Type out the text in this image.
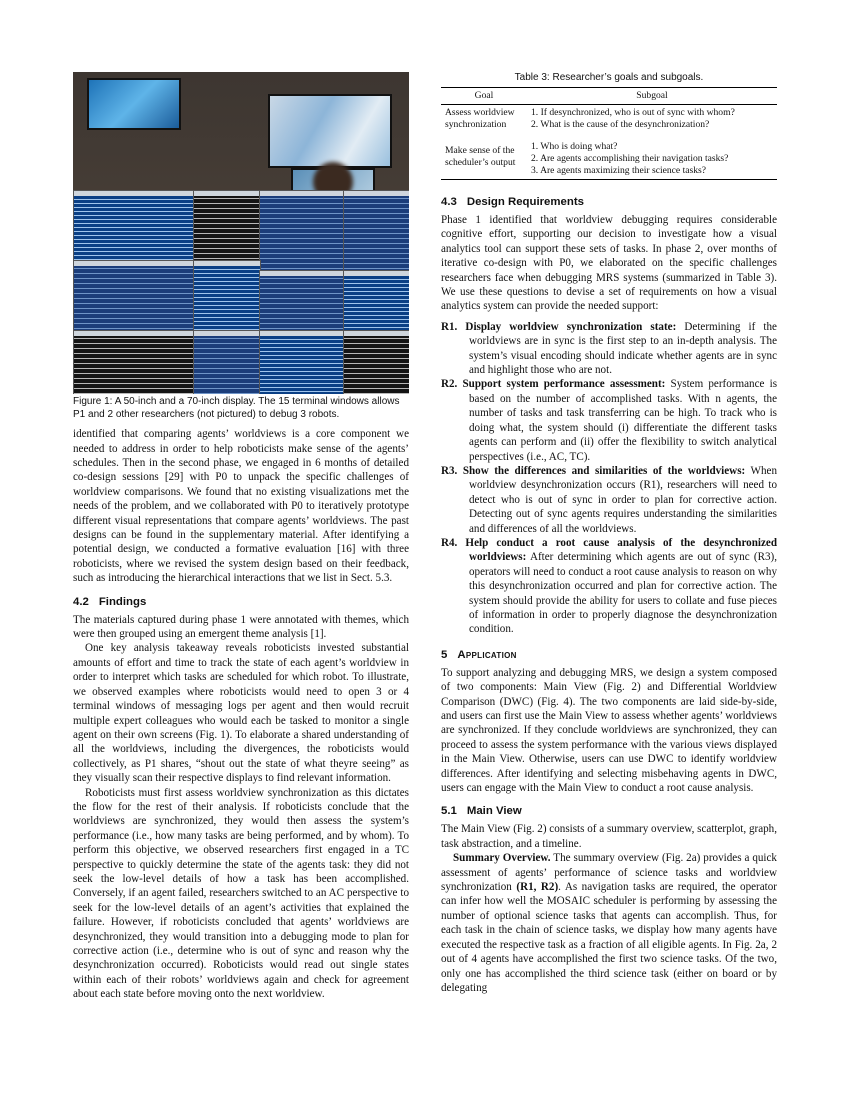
Figure 1: A 50-inch and a 70-inch display. The 15 terminal windows allows P1 and 2 other researchers (not pictured) to debug 3 robots.

identified that comparing agents’ worldviews is a core component we needed to address in order to help roboticists make sense of the agents’ schedules. Then in the second phase, we engaged in 6 months of detailed co-design sessions [29] with P0 to unpack the specific challenges of worldview comparisons. We found that no existing visualizations met the needs of the problem, and we collaborated with P0 to iteratively prototype different visual representations that compare agents’ worldviews. The past designs can be found in the supplementary material. After identifying a potential design, we conducted a formative evaluation [16] with three roboticists, where we revised the system design based on their feedback, such as introducing the hierarchical interactions that we list in Sect. 5.3.

4.2 Findings

The materials captured during phase 1 were annotated with themes, which were then grouped using an emergent theme analysis [1].

One key analysis takeaway reveals roboticists invested substantial amounts of effort and time to track the state of each agent’s worldview in order to interpret which tasks are scheduled for which robot. To illustrate, we observed examples where roboticists would need to open 3 or 4 terminal windows of messaging logs per agent and then would recruit multiple expert colleagues who would each be tasked to monitor a single agent on their own screens (Fig. 1). To elaborate a shared understanding of all the worldviews, including the divergences, the roboticists would collectively, as P1 shares, “shout out the state of what theyre seeing” as they visually scan their respective displays to find relevant information.

Roboticists must first assess worldview synchronization as this dictates the flow for the rest of their analysis. If roboticists conclude that the worldviews are synchronized, they would then assess the system’s performance (i.e., how many tasks are being performed, and by whom). To perform this objective, we observed researchers first engaged in a TC perspective to quickly determine the state of the agents task: they did not seek the low-level details of how a task has been accomplished. Conversely, if an agent failed, researchers switched to an AC perspective to seek for the low-level details of an agent’s activities that explained the failure. However, if roboticists concluded that agents’ worldviews are desynchronized, they would transition into a debugging mode to plan for corrective action (i.e., determine who is out of sync and reason why the desynchronization occurred). Roboticists would read out single states within each of their robots’ worldviews again and check for agreement about each state before moving onto the next worldview.

Table 3: Researcher’s goals and subgoals.
Goal	Subgoal
Assess worldview synchronization	1. If desynchronized, who is out of sync with whom?
2. What is the cause of the desynchronization?

Make sense of the scheduler’s output	1. Who is doing what?
2. Are agents accomplishing their navigation tasks?
3. Are agents maximizing their science tasks?
4.3 Design Requirements

Phase 1 identified that worldview debugging requires considerable cognitive effort, supporting our decision to investigate how a visual analytics tool can support these sets of tasks. In phase 2, over months of iterative co-design with P0, we elaborated on the specific challenges researchers face when debugging MRS systems (summarized in Table 3). We use these questions to devise a set of requirements on how a visual analytics system can provide the needed support:

R1. Display worldview synchronization state: Determining if the worldviews are in sync is the first step to an in-depth analysis. The system’s visual encoding should indicate whether agents are in sync and highlight those who are not.

R2. Support system performance assessment: System performance is based on the number of accomplished tasks. With n agents, the number of tasks and task transferring can be high. To track who is doing what, the system should (i) differentiate the different tasks agents can perform and (ii) offer the flexibility to switch analytical perspectives (i.e., AC, TC).

R3. Show the differences and similarities of the worldviews: When worldview desynchronization occurs (R1), researchers will need to detect who is out of sync in order to plan for corrective action. Detecting out of sync agents requires understanding the similarities and differences of all the worldviews.

R4. Help conduct a root cause analysis of the desynchronized worldviews: After determining which agents are out of sync (R3), operators will need to conduct a root cause analysis to reason on why this desynchronization occurred and plan for corrective action. The system should provide the ability for users to collate and fuse pieces of information in order to properly diagnose the desynchronization condition.

5 Application

To support analyzing and debugging MRS, we design a system composed of two components: Main View (Fig. 2) and Differential Worldview Comparison (DWC) (Fig. 4). The two components are laid side-by-side, and users can first use the Main View to assess whether agents’ worldviews are synchronized. If they conclude worldviews are synchronized, they can proceed to assess the system performance with the various views displayed in the Main View. Otherwise, users can use DWC to identify worldview differences. After identifying and selecting misbehaving agents in DWC, users can engage with the Main View to conduct a root cause analysis.

5.1 Main View

The Main View (Fig. 2) consists of a summary overview, scatterplot, graph, task abstraction, and a timeline.

Summary Overview. The summary overview (Fig. 2a) provides a quick assessment of agents’ performance of science tasks and worldview synchronization (R1, R2). As navigation tasks are required, the operator can infer how well the MOSAIC scheduler is performing by assessing the number of optional science tasks that agents can accomplish. Thus, for each task in the chain of science tasks, we display how many agents have executed the respective task as a fraction of all eligible agents. In Fig. 2a, 2 out of 4 agents have accomplished the first two science tasks. Of the two, only one has accomplished the third science task (either on board or by delegating
